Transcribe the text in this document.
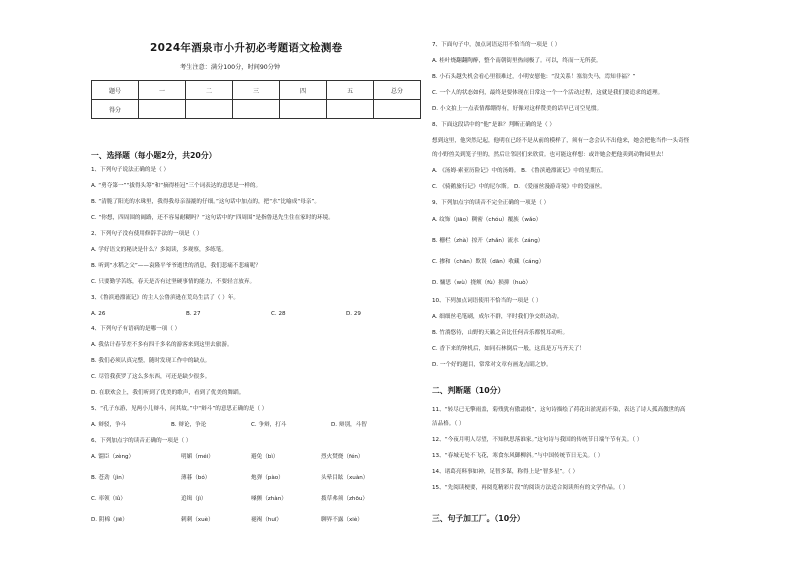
2024年酒泉市小升初必考题语文检测卷
考生注意：满分100分，时间90分钟
题号	一	二	三	四	五	总分
得分						
一、选择题（每小题2分，共20分）
1、下列句子说法正确的是（ ）
A. “勇夺第一”“拔得头筹”和“摘得桂冠”三个词表达的意思是一样的。
B. “清脆了阳光的水珠里，我得我母亲湿漉的仔细。”这句话中加点的，把“水”比喻成“母亲”。
C. “你想，四周围的阔路，还不容易耐糊吗？”这句话中的“四周围”是指鲁迅先生住在家时的环境。
2、下列句子没有使用修辞手法的一项是（ ）
A. 学好语文的秘诀是什么？多阅读，多观察，多练笔。
B. 听到“水稻之父”——袁隆平爷爷逝世的消息，我们悲痛不悲痛呢？
C. 只要勤学苦练，春天是否有过坚硬事情的能力，不要轻言放弃。
3、《鲁滨逊漂流记》的主人公鲁滨逊在荒岛生活了（ ）年。
A. 26	B. 27	C. 28	D. 29
4、下列句子有语病的是哪一项（ ）
A. 我估计春节差不多有四千多名的游客来到这里去旅游。
B. 我们必须认真完整，随时发现工作中的缺点。
C. 尽管我获罗了这么多东西，可还是缺少很多。
D. 在联欢会上，我们听到了优美的歌声，看到了优美的舞蹈。
5、“孔子东游，见两小儿辩斗，问其故。”中“辩斗”的意思正确的是（ ）
A. 辩驳，争斗	B. 辩论，争论	C. 争辩，打斗	D. 辩别，斗智
6、下列加点字的读音正确的一项是（ ）
A. 馏臣（zèng）	明媚（méi）	避免（bì）	烈火焚烧（fén）
B. 苍劲（jìn）	薄暮（bó）	炮弹（pào）	头晕目眩（xuàn）
C. 率领（lǜ）	追缉（jì）	嗓颤（zhàn）	拨草弗须（zhōu）
D. 阴棉（jiē）	刺刺（xuè）	褪褐（huī）	聊界不露（xiè）
7、下面句子中，加点词语运用不恰当的一项是（ ）
A. 桂叶烧翻翻陶醉，整个南朝街里热闹极了。可以，终而一无所获。
B. 小石头越失机会看心里很难过，小明安慰他：“没关系！塞翁失马，焉知非福？”
C. 一个人的状态如何，最终是要体现在日常这一个一个活动过程，这就是我们要追求的道理。
D. 小文拍上一点表情都绷得有，好像对这样赞美的话早已司空见惯。
8、下面这段话中的“他”是谁？判断正确的是（ ）
想到这里，他突然记起，他明在已经不是从前的模样了，须有一念会认不出他来，她会把他当作一头奇怪
的小野兽关到笼子里的，然后让邻居们来欣赏。也可能这样想：或许她会把他卖到动物园里去！
A. 《汤姆·索亚历险记》中的汤姆。 B. 《鲁滨逊漂流记》中的星期五。
C. 《骑鹅旅行记》中的尼尔斯。 D. 《爱丽丝漫游奇境》中的爱丽丝。
9、下列加点字的读音不完全正确的一项是（ ）
A. 纹饰（jiāo）稠密（chóu）覆族（wǎo）
B. 栅栏（zhà）掠开（zhǎn）流水（záng）
C. 掺和（chān）欺误（dān）收藏（cáng）
D. 慵思（wù）挠颊（fù）损抑（huò）
10、下列加点词语使用不恰当的一项是（ ）
A. 细细丝毛笔刷，成尔不群，平时我们争交织动动。
B. 竹淌悠待，山野的天籁之音比任何音乐都悦耳动听。
C. 香下来的钟机后，如同石林倒后一般，这真是万马齐天了！
D. 一个好的题目，常常对文章有画龙点睛之妙。
二、判断题（10分）
11、“转尽已无擎雨盖，菊残犹有傲霜枝”，这句诗描绘了荷花出淤泥而不染，表达了诗人孤高傲世的高
洁品格。（ ）
12、“今夜月明人尽望，不知秋思落谁家。”这句诗与我国的传统节日端午节有关。（ ）
13、“春城无处不飞花，寒食东风御柳斜。”与中国传统节日无关。（ ）
14、诸葛亮料事如神，足智多谋，称得上是“智多星”。（ ）
15、“先阅读梗要，再阅览精彩片段”的阅读方法适合阅读所有的文学作品。（ ）
三、句子加工厂。（10分）
